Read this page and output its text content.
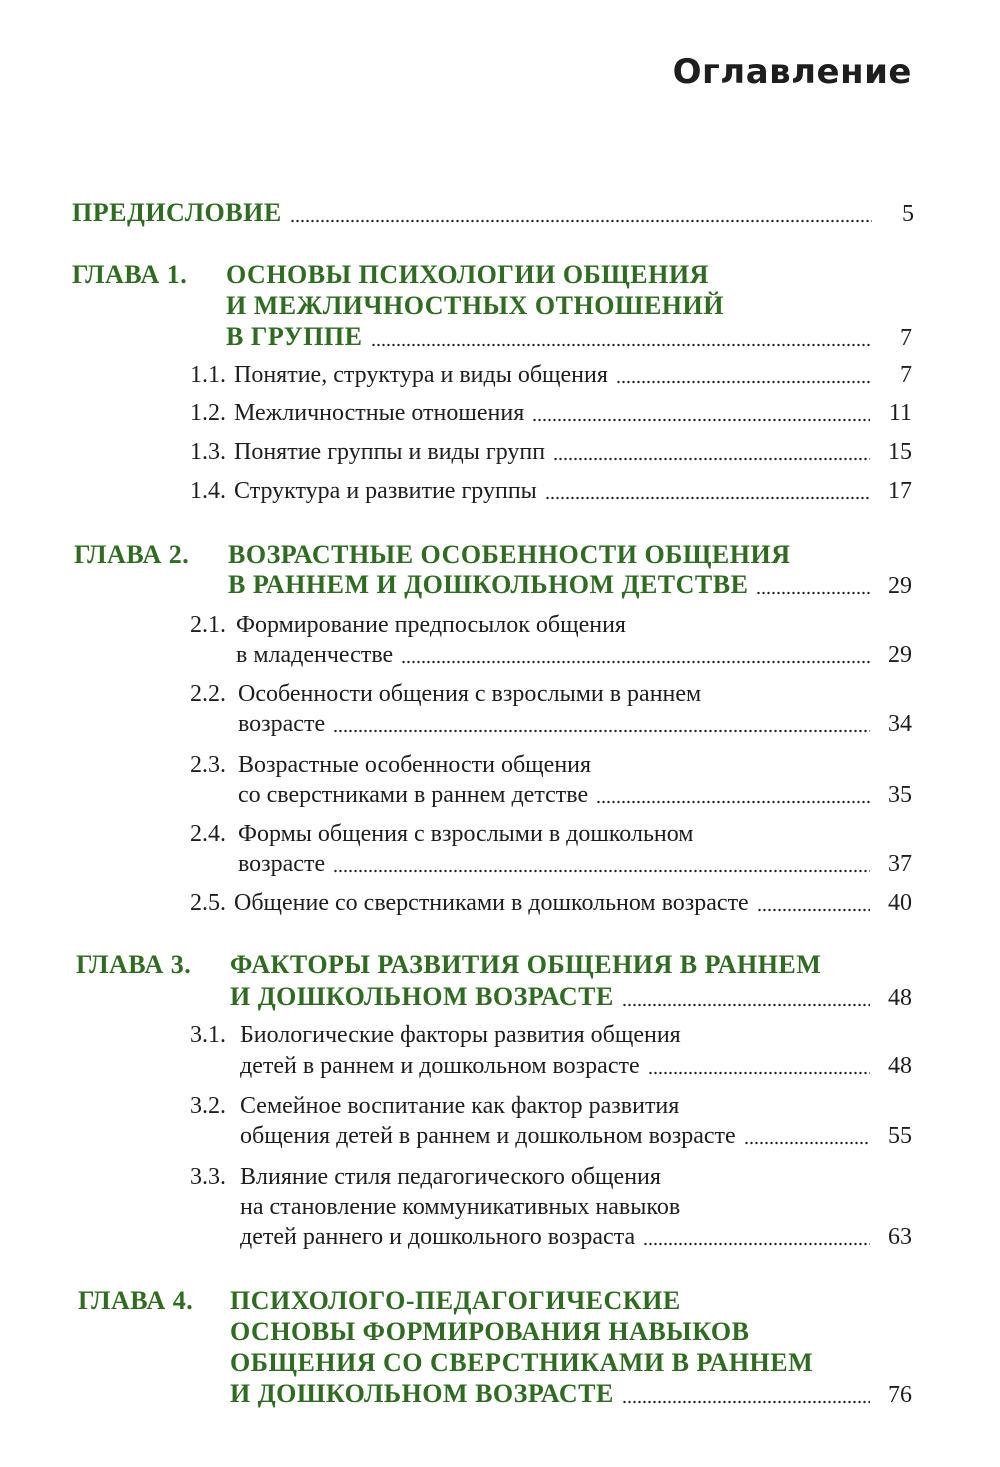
Оглавление
ПРЕДИСЛОВИЕ	5
ГЛАВА 1. ОСНОВЫ ПСИХОЛОГИИ ОБЩЕНИЯ
И МЕЖЛИЧНОСТНЫХ ОТНОШЕНИЙ
В ГРУППЕ	7
1.1. Понятие, структура и виды общения	7
1.2. Межличностные отношения	11
1.3. Понятие группы и виды групп	15
1.4. Структура и развитие группы	17
ГЛАВА 2. ВОЗРАСТНЫЕ ОСОБЕННОСТИ ОБЩЕНИЯ
В РАННЕМ И ДОШКОЛЬНОМ ДЕТСТВЕ	29
2.1. Формирование предпосылок общения
в младенчестве	29
2.2. Особенности общения с взрослыми в раннем
возрасте	34
2.3. Возрастные особенности общения
со сверстниками в раннем детстве	35
2.4. Формы общения с взрослыми в дошкольном
возрасте	37
2.5. Общение со сверстниками в дошкольном возрасте	40
ГЛАВА 3. ФАКТОРЫ РАЗВИТИЯ ОБЩЕНИЯ В РАННЕМ
И ДОШКОЛЬНОМ ВОЗРАСТЕ	48
3.1. Биологические факторы развития общения
детей в раннем и дошкольном возрасте	48
3.2. Семейное воспитание как фактор развития
общения детей в раннем и дошкольном возрасте	55
3.3. Влияние стиля педагогического общения
на становление коммуникативных навыков
детей раннего и дошкольного возраста	63
ГЛАВА 4. ПСИХОЛОГО-ПЕДАГОГИЧЕСКИЕ
ОСНОВЫ ФОРМИРОВАНИЯ НАВЫКОВ
ОБЩЕНИЯ СО СВЕРСТНИКАМИ В РАННЕМ
И ДОШКОЛЬНОМ ВОЗРАСТЕ	76
